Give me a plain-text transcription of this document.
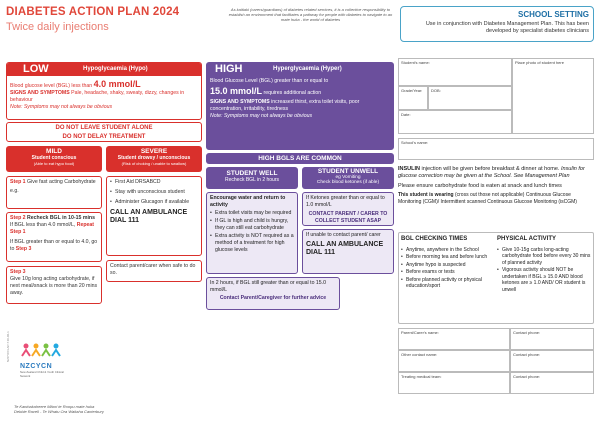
DIABETES ACTION PLAN 2024
Twice daily injections
As kaitiaki (carers/guardians) of diabetes related services, it is a collective responsibility to establish an environment that facilitates a pathway for people with diabetes to navigate to ao mate huka - the world of diabetes
SCHOOL SETTING
Use in conjunction with Diabetes Management Plan. This has been developed by specialist diabetes clinicians
LOW	Hypoglycaemia (Hypo)
Blood glucose level (BGL) less than 4.0 mmol/L
SIGNS AND SYMPTOMS Pale, headache, shaky, sweaty, dizzy, changes in behaviour
Note: Symptoms may not always be obvious
DO NOT LEAVE STUDENT ALONE
DO NOT DELAY TREATMENT
MILD
Student conscious
(Able to eat hypo food)
SEVERE
Student drowsy / unconscious
(Risk of choking / unable to swallow)
Step 1 Give fast acting Carbohydrate
e.g.
Step 2 Recheck BGL in 10-15 mins If BGL less than 4.0 mmol/L, Repeat Step 1
If BGL greater than or equal to 4.0, go to Step 3
Step 3
Give 10g long acting carbohydrate, if next meal/snack is more than 20 mins away.
• First Aid DRSABCD
• Stay with unconscious student
• Administer Glucagon if available
CALL AN AMBULANCE DIAL 111
Contact parent/carer when safe to do so.
HIGH	Hyperglycaemia (Hyper)
Blood Glucose Level (BGL) greater than or equal to
15.0 mmol/L requires additional action
SIGNS AND SYMPTOMS increased thirst, extra toilet visits, poor concentration, irritability, tiredness
Note: Symptoms may not always be obvious
HIGH BGLS ARE COMMON
STUDENT WELL
Recheck BGL in 2 hours
STUDENT UNWELL
eg Vomiting
Check blood ketones (if able)
Encourage water and return to activity
• Extra toilet visits may be required
• If GL is high and child is hungry, they can still eat carbohydrate
• Extra activity is NOT required as a method of a treatment for high glucose levels
If Ketones greater than or equal to 1.0 mmol/L
CONTACT PARENT / CARER TO COLLECT STUDENT ASAP
If unable to contact parent/ carer
CALL AN AMBULANCE DIAL 111
In 2 hours, if BGL still greater than or equal to 15.0 mmol/L
Contact Parent/Caregiver for further advice
Student's name:
Grade/Year:	DOB:
Date:
Place photo of student here
School's name:
INSULIN injection will be given before breakfast & dinner at home. Insulin for glucose correction may be given at the School. See Management Plan
Please ensure carbohydrate food is eaten at snack and lunch times
This student is wearing (cross out those not applicable) Continuous Glucose Monitoring (CGM)/ Intermittent scanned Continuous Glucose Monitoring (isCGM)
BGL CHECKING TIMES
• Anytime, anywhere in the School
• Before morning tea and before lunch
• Anytime hypo is suspected
• Before exams or tests
• Before planned activity or physical education/sport
PHYSICAL ACTIVITY
• Give 10-15g carbs long-acting carbohydrate food before every 30 mins of planned activity
• Vigorous activity should NOT be undertaken if BGL ≥ 15.0 AND blood ketones are ≥ 1.0 AND/ OR student is unwell
Parent/Carer's name:	Contact phone:
Other contact name:	Contact phone:
Treating medical team:	Contact phone:
NZCYCN
New Zealand Child & Youth Clinical Network
NZCYCN-AP-T.DI-06-1
Te Kawhakaheere Māori te Roopu mate huka
Debbie Ravell - Te Whatu Ora Waitaha Canterbury
